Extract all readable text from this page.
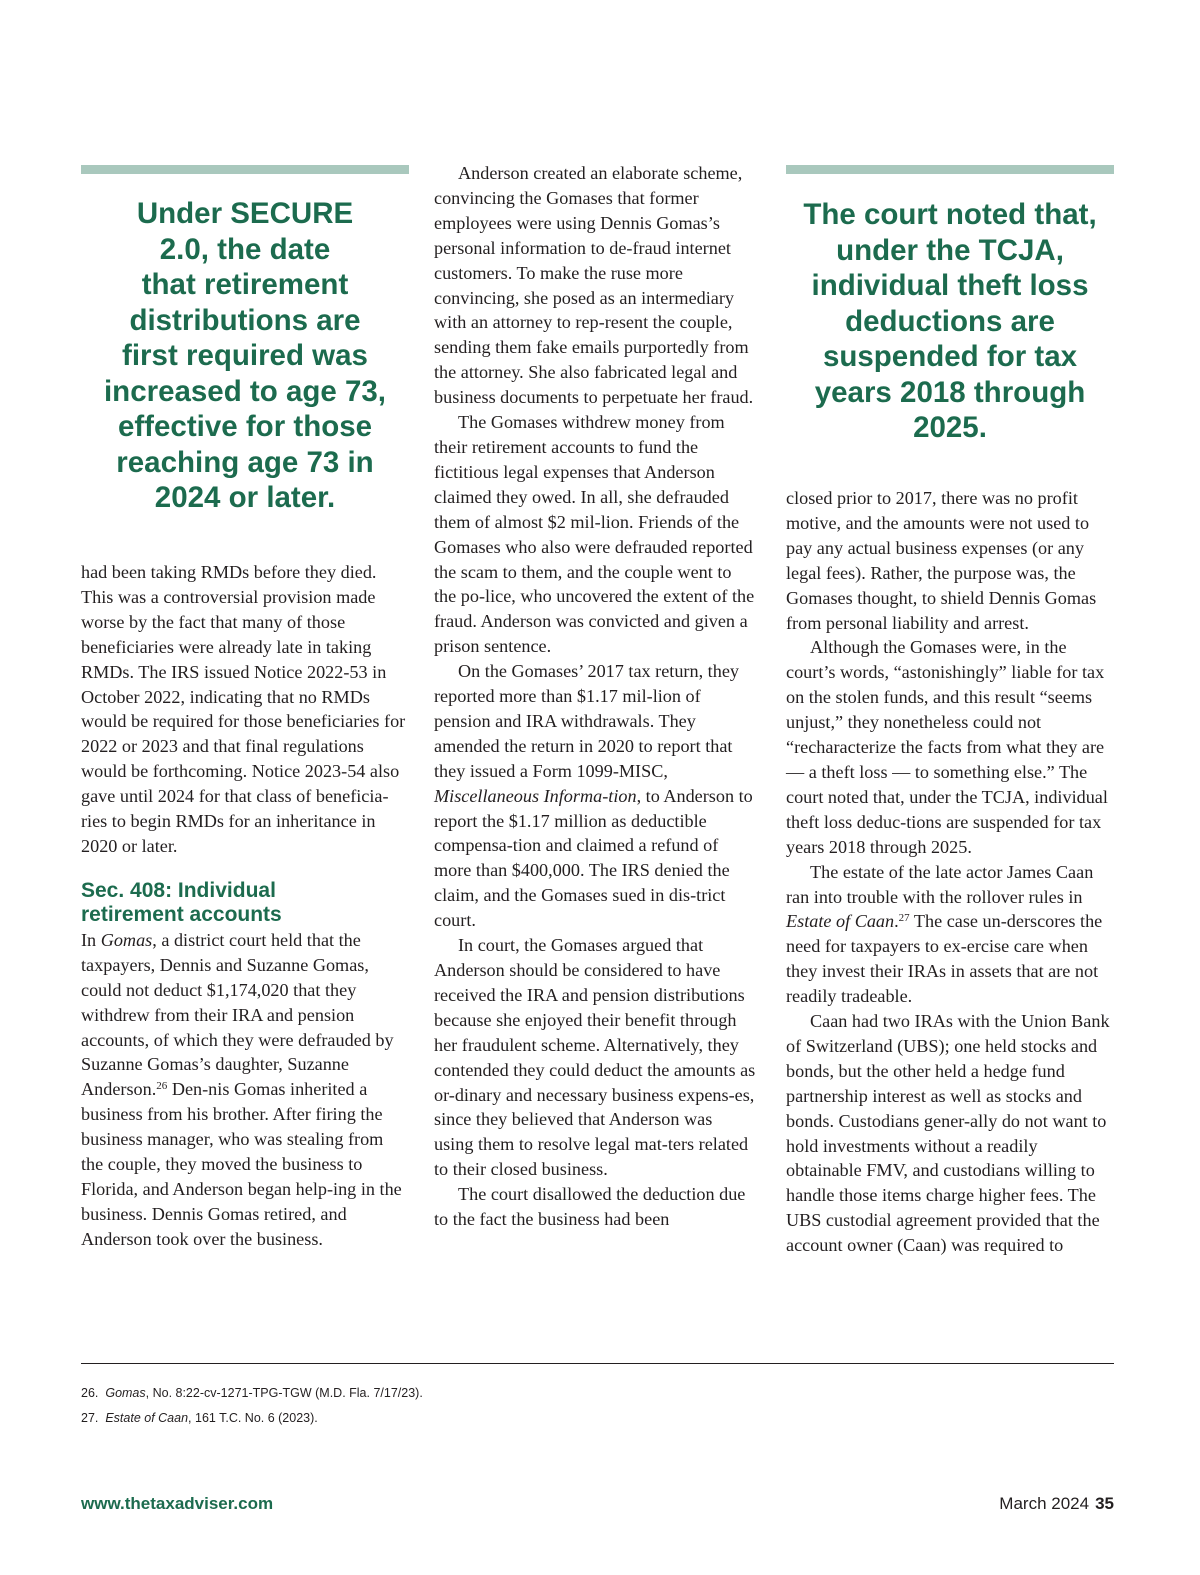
Under SECURE
2.0, the date
that retirement
distributions are
first required was
increased to age 73,
effective for those
reaching age 73 in
2024 or later.
The court noted that,
under the TCJA,
individual theft loss
deductions are
suspended for tax
years 2018 through
2025.

had been taking RMDs before they died. This was a controversial provision made worse by the fact that many of those beneficiaries were already late in taking RMDs. The IRS issued Notice 2022-53 in October 2022, indicating that no RMDs would be required for those beneficiaries for 2022 or 2023 and that final regulations would be forthcoming. Notice 2023-54 also gave until 2024 for that class of beneficia-ries to begin RMDs for an inheritance in 2020 or later.

Sec. 408: Individual
retirement accounts

In Gomas, a district court held that the taxpayers, Dennis and Suzanne Gomas, could not deduct $1,174,020 that they withdrew from their IRA and pension accounts, of which they were defrauded by Suzanne Gomas’s daughter, Suzanne Anderson.$^{26}$ Den-nis Gomas inherited a business from his brother. After firing the business manager, who was stealing from the couple, they moved the business to Florida, and Anderson began help-ing in the business. Dennis Gomas retired, and Anderson took over the business.

Anderson created an elaborate scheme, convincing the Gomases that former employees were using Dennis Gomas’s personal information to de-fraud internet customers. To make the ruse more convincing, she posed as an intermediary with an attorney to rep-resent the couple, sending them fake emails purportedly from the attorney. She also fabricated legal and business documents to perpetuate her fraud.

The Gomases withdrew money from their retirement accounts to fund the fictitious legal expenses that Anderson claimed they owed. In all, she defrauded them of almost $2 mil-lion. Friends of the Gomases who also were defrauded reported the scam to them, and the couple went to the po-lice, who uncovered the extent of the fraud. Anderson was convicted and given a prison sentence.

On the Gomases’ 2017 tax return, they reported more than $1.17 mil-lion of pension and IRA withdrawals. They amended the return in 2020 to report that they issued a Form 1099-MISC, Miscellaneous Informa-tion, to Anderson to report the $1.17 million as deductible compensa-tion and claimed a refund of more than $400,000. The IRS denied the claim, and the Gomases sued in dis-trict court.

In court, the Gomases argued that Anderson should be considered to have received the IRA and pension distributions because she enjoyed their benefit through her fraudulent scheme. Alternatively, they contended they could deduct the amounts as or-dinary and necessary business expens-es, since they believed that Anderson was using them to resolve legal mat-ters related to their closed business.

The court disallowed the deduction due to the fact the business had been

closed prior to 2017, there was no profit motive, and the amounts were not used to pay any actual business expenses (or any legal fees). Rather, the purpose was, the Gomases thought, to shield Dennis Gomas from personal liability and arrest.

Although the Gomases were, in the court’s words, “astonishingly” liable for tax on the stolen funds, and this result “seems unjust,” they nonetheless could not “recharacterize the facts from what they are — a theft loss — to something else.” The court noted that, under the TCJA, individual theft loss deduc-tions are suspended for tax years 2018 through 2025.

The estate of the late actor James Caan ran into trouble with the rollover rules in Estate of Caan.$^{27}$ The case un-derscores the need for taxpayers to ex-ercise care when they invest their IRAs in assets that are not readily tradeable.

Caan had two IRAs with the Union Bank of Switzerland (UBS); one held stocks and bonds, but the other held a hedge fund partnership interest as well as stocks and bonds. Custodians gener-ally do not want to hold investments without a readily obtainable FMV, and custodians willing to handle those items charge higher fees. The UBS custodial agreement provided that the account owner (Caan) was required to

26. Gomas, No. 8:22-cv-1271-TPG-TGW (M.D. Fla. 7/17/23).
27. Estate of Caan, 161 T.C. No. 6 (2023).
www.thetaxadviser.com	March 2024 35
